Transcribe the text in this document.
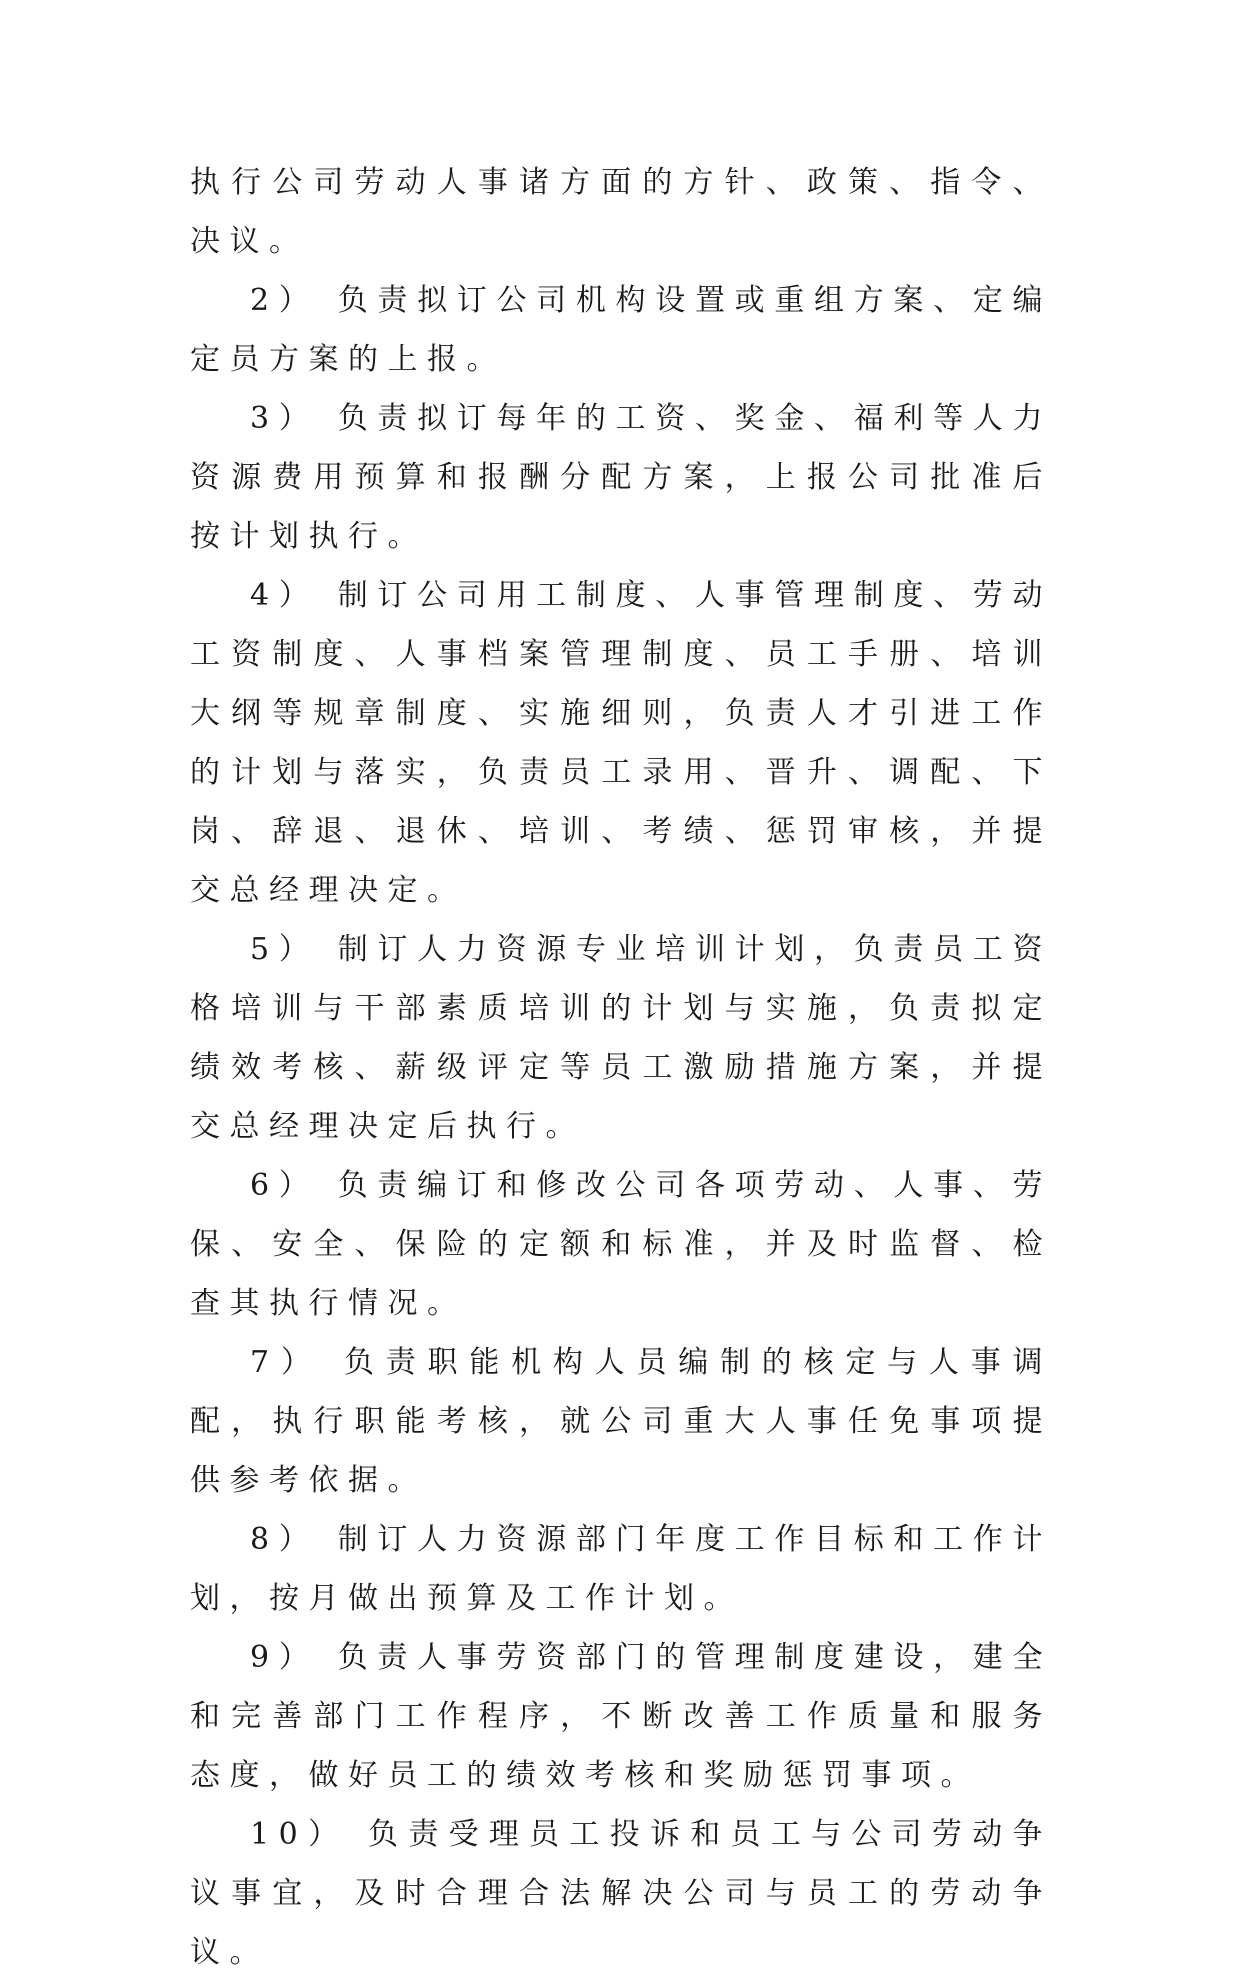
执行公司劳动人事诸方面的方针、政策、指令、决议。

2） 负责拟订公司机构设置或重组方案、定编定员方案的上报。

3） 负责拟订每年的工资、奖金、福利等人力资源费用预算和报酬分配方案，上报公司批准后按计划执行。

4） 制订公司用工制度、人事管理制度、劳动工资制度、人事档案管理制度、员工手册、培训大纲等规章制度、实施细则，负责人才引进工作的计划与落实，负责员工录用、晋升、调配、下岗、辞退、退休、培训、考绩、惩罚审核，并提交总经理决定。

5） 制订人力资源专业培训计划，负责员工资格培训与干部素质培训的计划与实施，负责拟定绩效考核、薪级评定等员工激励措施方案，并提交总经理决定后执行。

6） 负责编订和修改公司各项劳动、人事、劳保、安全、保险的定额和标准，并及时监督、检查其执行情况。

7） 负责职能机构人员编制的核定与人事调配，执行职能考核，就公司重大人事任免事项提供参考依据。

8） 制订人力资源部门年度工作目标和工作计划，按月做出预算及工作计划。

9） 负责人事劳资部门的管理制度建设，建全和完善部门工作程序，不断改善工作质量和服务态度，做好员工的绩效考核和奖励惩罚事项。

10） 负责受理员工投诉和员工与公司劳动争议事宜，及时合理合法解决公司与员工的劳动争议。
